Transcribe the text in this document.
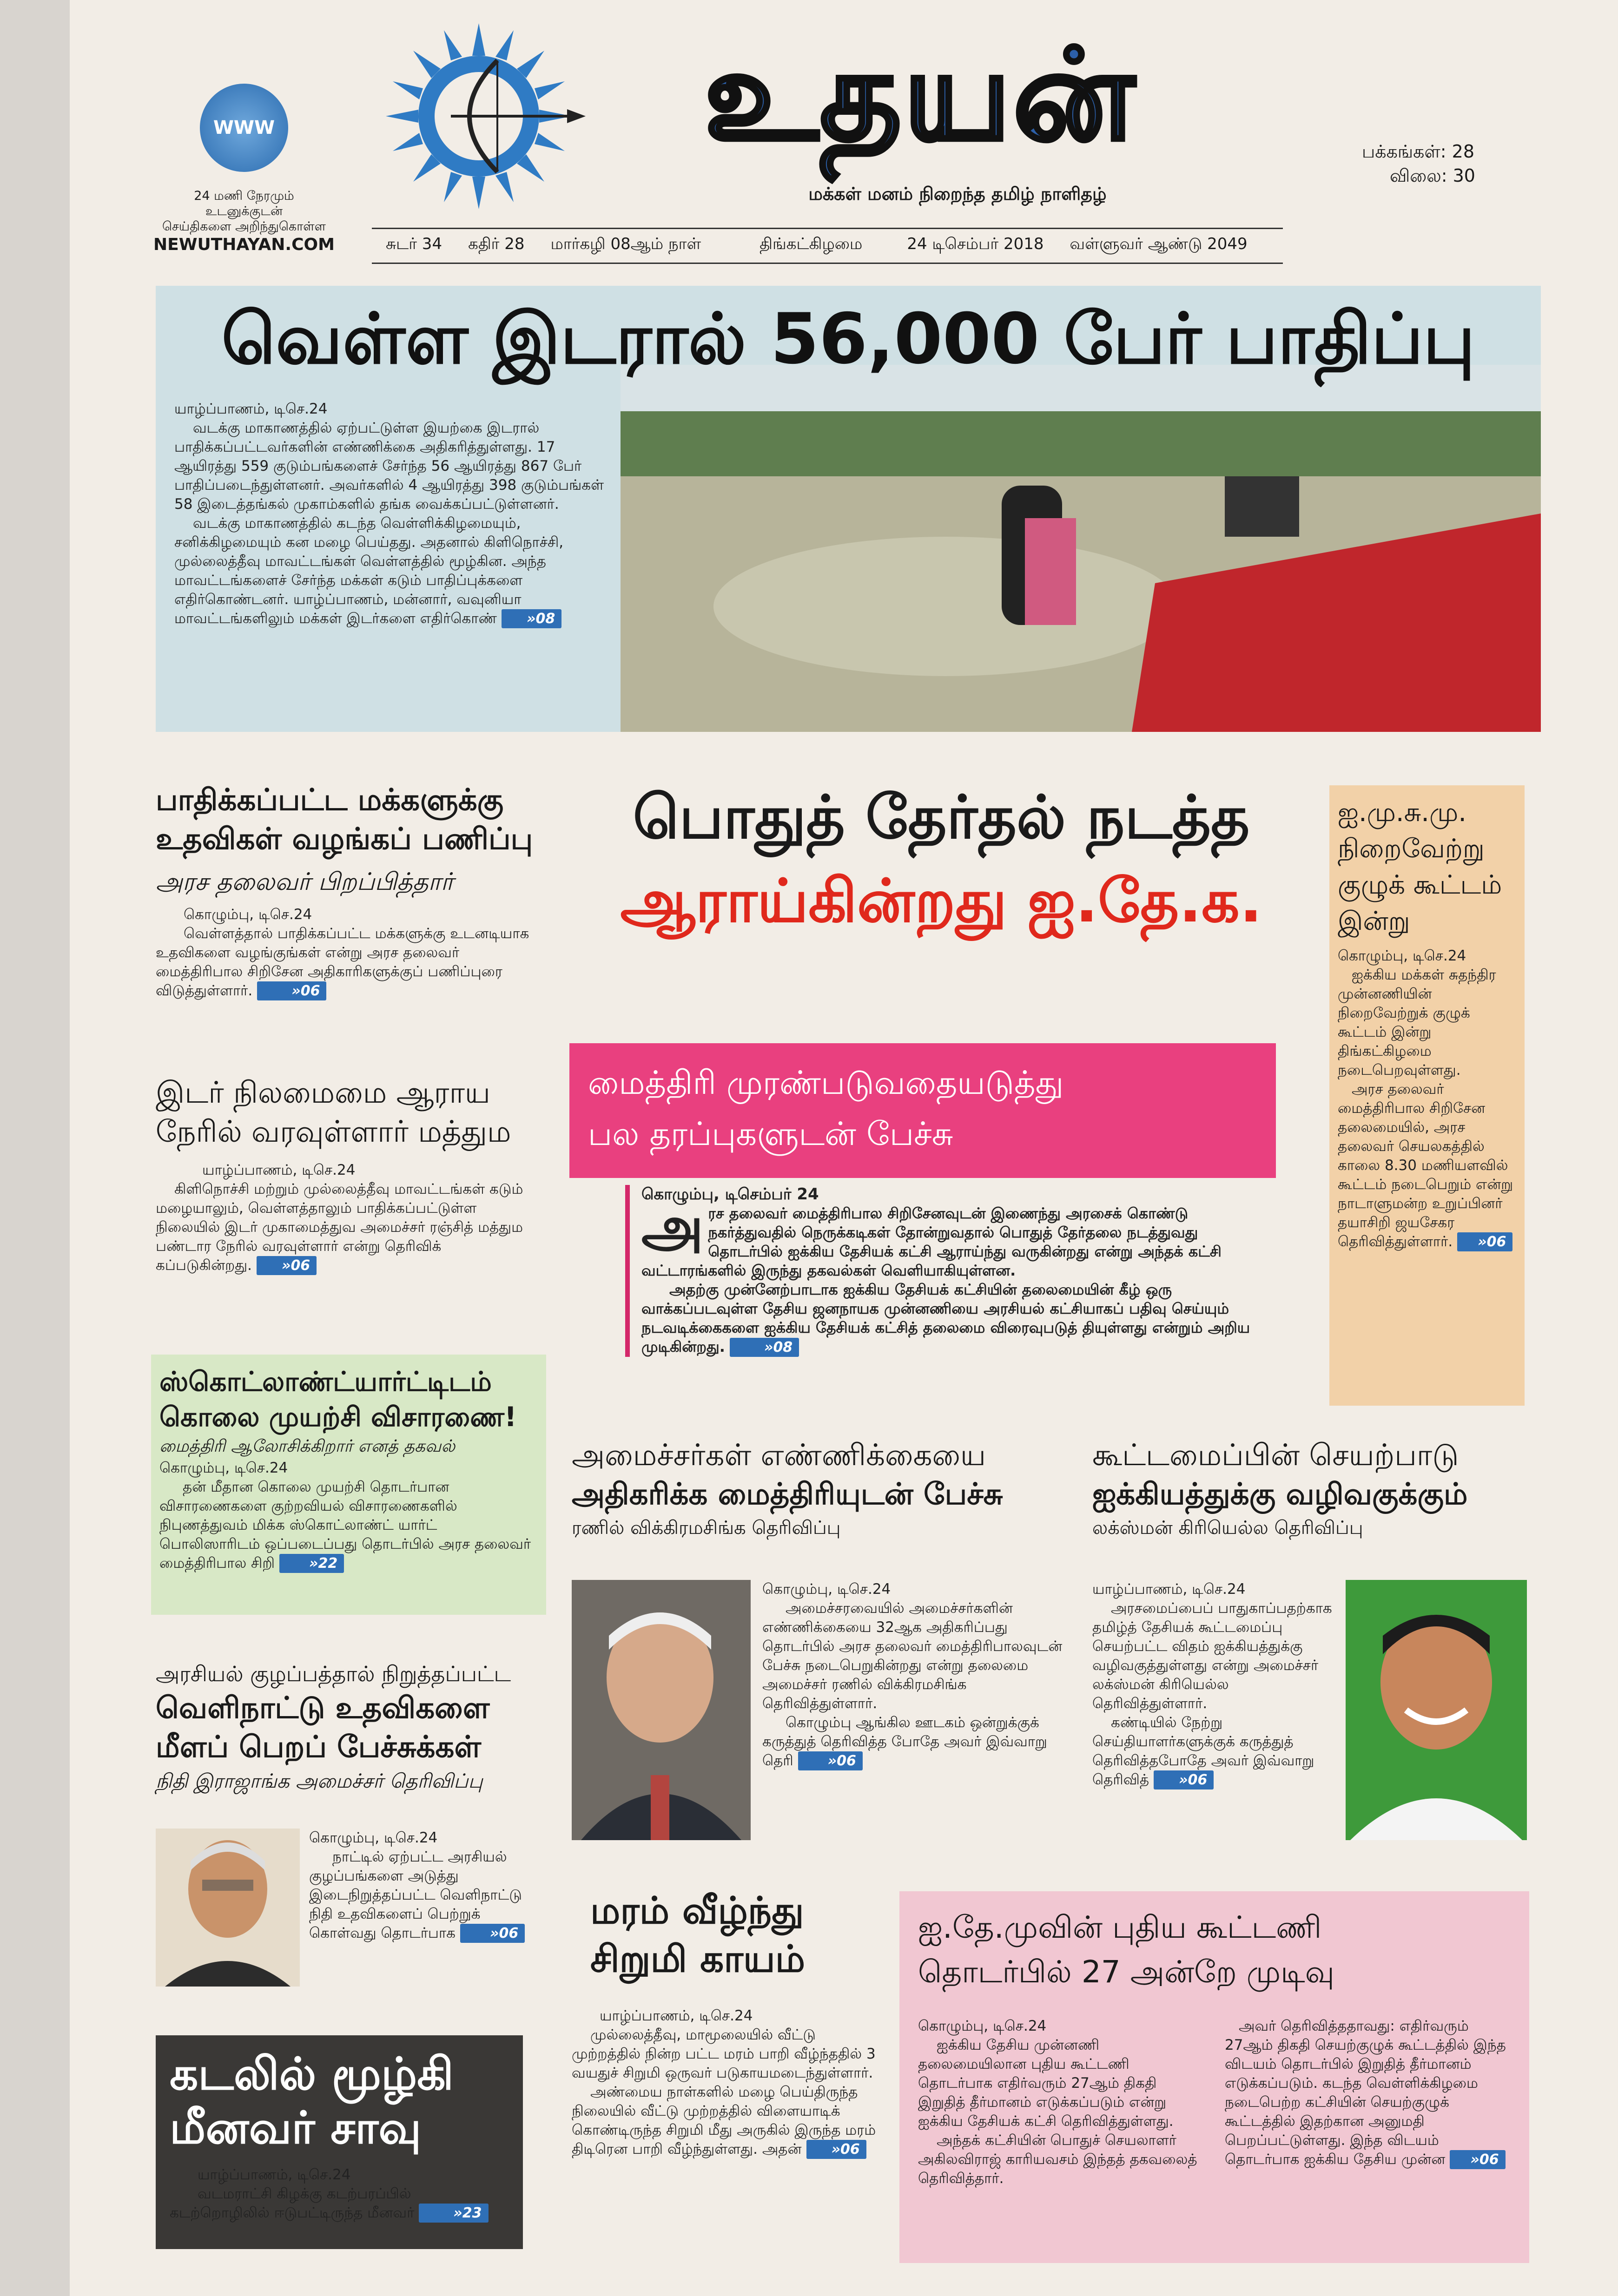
WWW
24 மணி நேரமும் உடனுக்குடன்
செய்திகளை அறிந்துகொள்ள
NEWUTHAYAN.COM
உதயன்
மக்கள் மனம் நிறைந்த தமிழ் நாளிதழ்
பக்கங்கள்: 28
விலை: 30
சுடர் 34 கதிர் 28 மார்கழி 08ஆம் நாள்	திங்கட்கிழமை	24 டிசெம்பர் 2018 வள்ளுவர் ஆண்டு 2049
வெள்ள இடரால் 56,000 பேர் பாதிப்பு
யாழ்ப்பாணம், டிசெ.24
வடக்கு மாகாணத்தில் ஏற்பட்டுள்ள இயற்கை இடரால் பாதிக்கப்பட்டவர்களின் எண்ணிக்கை அதிகரித்துள்ளது. 17 ஆயிரத்து 559 குடும்பங்களைச் சேர்ந்த 56 ஆயிரத்து 867 பேர் பாதிப்படைந்துள்ளனர். அவர்களில் 4 ஆயிரத்து 398 குடும்பங்கள் 58 இடைத்தங்கல் முகாம்களில் தங்க வைக்கப்பட்டுள்ளனர்.
வடக்கு மாகாணத்தில் கடந்த வெள்ளிக்கிழமையும், சனிக்கிழமையும் கன மழை பெய்தது. அதனால் கிளிநொச்சி, முல்லைத்தீவு மாவட்டங்கள் வெள்ளத்தில் மூழ்கின. அந்த மாவட்டங்களைச் சேர்ந்த மக்கள் கடும் பாதிப்புக்களை எதிர்கொண்டனர். யாழ்ப்பாணம், மன்னார், வவுனியா மாவட்டங்களிலும் மக்கள் இடர்களை எதிர்கொண் »08
பாதிக்கப்பட்ட மக்களுக்கு
உதவிகள் வழங்கப் பணிப்பு
அரச தலைவர் பிறப்பித்தார்
கொழும்பு, டிசெ.24
வெள்ளத்தால் பாதிக்கப்பட்ட மக்களுக்கு உடனடியாக உதவிகளை வழங்குங்கள் என்று அரச தலைவர் மைத்திரிபால சிறிசேன அதிகாரிகளுக்குப் பணிப்புரை விடுத்துள்ளார்.	»06
இடர் நிலமைமை ஆராய
நேரில் வரவுள்ளார் மத்தும
யாழ்ப்பாணம், டிசெ.24
கிளிநொச்சி மற்றும் முல்லைத்தீவு மாவட்டங்கள் கடும் மழையாலும், வெள்ளத்தாலும் பாதிக்கப்பட்டுள்ள நிலையில் இடர் முகாமைத்துவ அமைச்சர் ரஞ்சித் மத்தும பண்டார நேரில் வரவுள்ளார் என்று தெரிவிக் கப்படுகின்றது. »06
ஸ்கொட்லாண்ட்யார்ட்டிடம்
கொலை முயற்சி விசாரணை!
மைத்திரி ஆலோசிக்கிறார் எனத் தகவல்
கொழும்பு, டிசெ.24
தன் மீதான கொலை முயற்சி தொடர்பான விசாரணைகளை குற்றவியல் விசாரணைகளில் நிபுணத்துவம் மிக்க ஸ்கொட்லாண்ட் யார்ட் பொலிஸாரிடம் ஒப்படைப்பது தொடர்பில் அரச தலைவர் மைத்திரிபால சிறி »22
அரசியல் குழப்பத்தால் நிறுத்தப்பட்ட
வெளிநாட்டு உதவிகளை
மீளப் பெறப் பேச்சுக்கள்
நிதி இராஜாங்க அமைச்சர் தெரிவிப்பு
கொழும்பு, டிசெ.24
நாட்டில் ஏற்பட்ட அரசியல் குழப்பங்களை அடுத்து இடைநிறுத்தப்பட்ட வெளிநாட்டு நிதி உதவிகளைப் பெற்றுக் கொள்வது தொடர்பாக »06
கடலில் மூழ்கி
மீனவர் சாவு
யாழ்ப்பாணம், டிசெ.24
வடமராட்சி கிழக்கு கடற்பரப்பில் கடற்றொழிலில் ஈடுபட்டிருந்த மீனவர்	»23
பொதுத் தேர்தல் நடத்த
ஆராய்கின்றது ஐ.தே.க.
மைத்திரி முரண்படுவதையடுத்து
பல தரப்புகளுடன் பேச்சு
கொழும்பு, டிசெம்பர் 24
அரச தலைவர் மைத்திரிபால சிறிசேனவுடன் இணைந்து அரசைக் கொண்டு நகர்த்துவதில் நெருக்கடிகள் தோன்றுவதால் பொதுத் தேர்தலை நடத்துவது தொடர்பில் ஐக்கிய தேசியக் கட்சி ஆராய்ந்து வருகின்றது என்று அந்தக் கட்சி வட்டாரங்களில் இருந்து தகவல்கள் வெளியாகியுள்ளன.
அதற்கு முன்னேற்பாடாக ஐக்கிய தேசியக் கட்சியின் தலைமையின் கீழ் ஒரு வாக்கப்படவுள்ள தேசிய ஜனநாயக முன்னணியை அரசியல் கட்சியாகப் பதிவு செய்யும் நடவடிக்கைகளை ஐக்கிய தேசியக் கட்சித் தலைமை விரைவுபடுத் தியுள்ளது என்றும் அறிய முடிகின்றது.	»08
ஐ.மு.சு.மு.
நிறைவேற்று
குழுக் கூட்டம்
இன்று
கொழும்பு, டிசெ.24
ஐக்கிய மக்கள் சுதந்திர முன்னணியின் நிறைவேற்றுக் குழுக் கூட்டம் இன்று திங்கட்கிழமை நடைபெறவுள்ளது.
அரச தலைவர் மைத்திரிபால சிறிசேன தலைமையில், அரச தலைவர் செயலகத்தில் காலை 8.30 மணியளவில் கூட்டம் நடைபெறும் என்று நாடாளுமன்ற உறுப்பினர் தயாசிறி ஜயசேகர தெரிவித்துள்ளார். »06
அமைச்சர்கள் எண்ணிக்கையை
அதிகரிக்க மைத்திரியுடன் பேச்சு
ரணில் விக்கிரமசிங்க தெரிவிப்பு
கொழும்பு, டிசெ.24
அமைச்சரவையில் அமைச்சர்களின் எண்ணிக்கையை 32ஆக அதிகரிப்பது தொடர்பில் அரச தலைவர் மைத்திரிபாலவுடன் பேச்சு நடைபெறுகின்றது என்று தலைமை அமைச்சர் ரணில் விக்கிரமசிங்க தெரிவித்துள்ளார்.
கொழும்பு ஆங்கில ஊடகம் ஒன்றுக்குக் கருத்துத் தெரிவித்த போதே அவர் இவ்வாறு தெரி »06
கூட்டமைப்பின் செயற்பாடு
ஐக்கியத்துக்கு வழிவகுக்கும்
லக்ஸ்மன் கிரியெல்ல தெரிவிப்பு
யாழ்ப்பாணம், டிசெ.24
அரசமைப்பைப் பாதுகாப்பதற்காக தமிழ்த் தேசியக் கூட்டமைப்பு செயற்பட்ட விதம் ஐக்கியத்துக்கு வழிவகுத்துள்ளது என்று அமைச்சர் லக்ஸ்மன் கிரியெல்ல தெரிவித்துள்ளார்.
கண்டியில் நேற்று செய்தியாளர்களுக்குக் கருத்துத் தெரிவித்தபோதே அவர் இவ்வாறு தெரிவித் »06
மரம் வீழ்ந்து
சிறுமி காயம்
யாழ்ப்பாணம், டிசெ.24
முல்லைத்தீவு, மாமூலையில் வீட்டு முற்றத்தில் நின்ற பட்ட மரம் பாறி வீழ்ந்ததில் 3 வயதுச் சிறுமி ஒருவர் படுகாயமடைந்துள்ளார்.
அண்மைய நாள்களில் மழை பெய்திருந்த நிலையில் வீட்டு முற்றத்தில் விளையாடிக் கொண்டிருந்த சிறுமி மீது அருகில் இருந்த மரம் திடிரென பாறி வீழ்ந்துள்ளது. அதன் »06
ஐ.தே.முவின் புதிய கூட்டணி
தொடர்பில் 27 அன்றே முடிவு
கொழும்பு, டிசெ.24
ஐக்கிய தேசிய முன்னணி தலைமையிலான புதிய கூட்டணி தொடர்பாக எதிர்வரும் 27ஆம் திகதி இறுதித் தீர்மானம் எடுக்கப்படும் என்று ஐக்கிய தேசியக் கட்சி தெரிவித்துள்ளது.
அந்தக் கட்சியின் பொதுச் செயலாளர் அகிலவிராஜ் காரியவசம் இந்தத் தகவலைத் தெரிவித்தார்.
அவர் தெரிவித்ததாவது: எதிர்வரும் 27ஆம் திகதி செயற்குழுக் கூட்டத்தில் இந்த விடயம் தொடர்பில் இறுதித் தீர்மானம் எடுக்கப்படும். கடந்த வெள்ளிக்கிழமை நடைபெற்ற கட்சியின் செயற்குழுக் கூட்டத்தில் இதற்கான அனுமதி பெறப்பட்டுள்ளது. இந்த விடயம் தொடர்பாக ஐக்கிய தேசிய முன்ன »06
